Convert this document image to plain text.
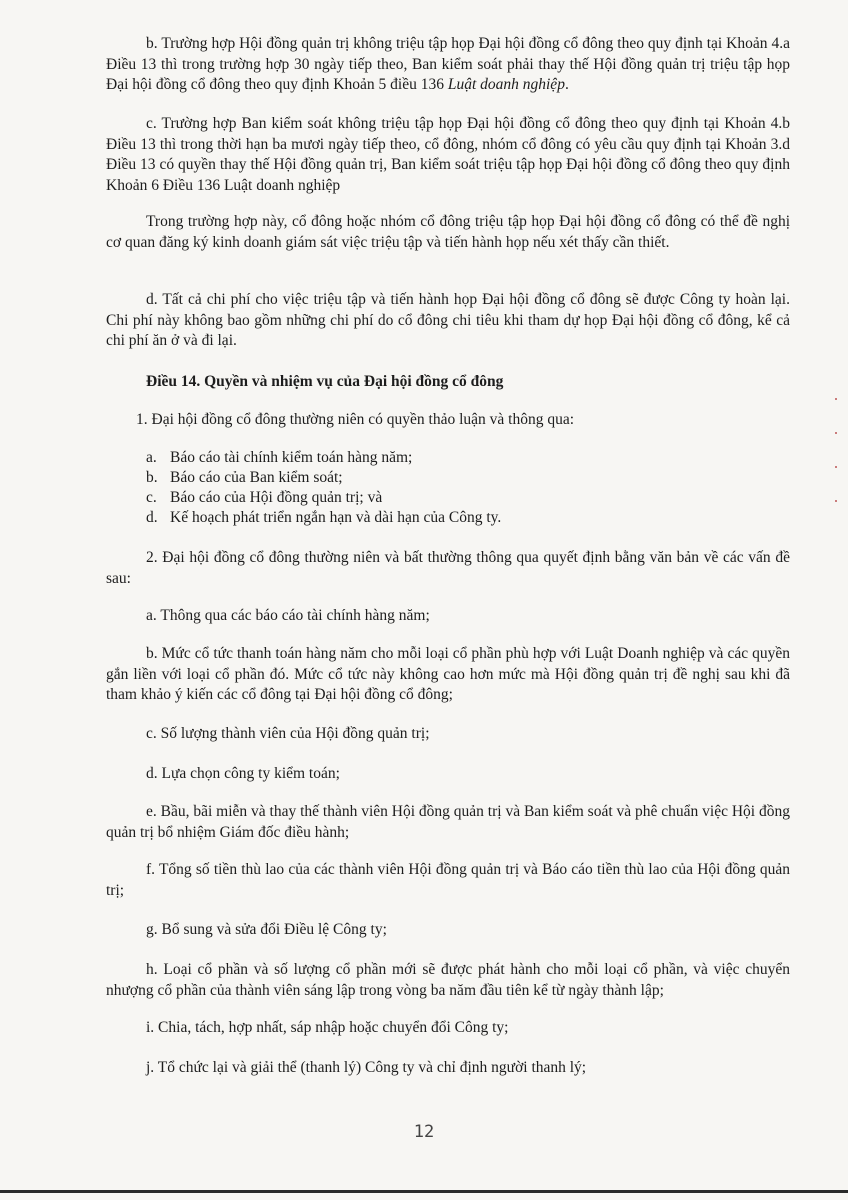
b. Trường hợp Hội đồng quản trị không triệu tập họp Đại hội đồng cổ đông theo quy định tại Khoản 4.a Điều 13 thì trong trường hợp 30 ngày tiếp theo, Ban kiểm soát phải thay thế Hội đồng quản trị triệu tập họp Đại hội đồng cổ đông theo quy định Khoản 5 điều 136 Luật doanh nghiệp.

c. Trường hợp Ban kiểm soát không triệu tập họp Đại hội đồng cổ đông theo quy định tại Khoản 4.b Điều 13 thì trong thời hạn ba mươi ngày tiếp theo, cổ đông, nhóm cổ đông có yêu cầu quy định tại Khoản 3.d Điều 13 có quyền thay thế Hội đồng quản trị, Ban kiểm soát triệu tập họp Đại hội đồng cổ đông theo quy định Khoản 6 Điều 136 Luật doanh nghiệp

Trong trường hợp này, cổ đông hoặc nhóm cổ đông triệu tập họp Đại hội đồng cổ đông có thể đề nghị cơ quan đăng ký kinh doanh giám sát việc triệu tập và tiến hành họp nếu xét thấy cần thiết.

d. Tất cả chi phí cho việc triệu tập và tiến hành họp Đại hội đồng cổ đông sẽ được Công ty hoàn lại. Chi phí này không bao gồm những chi phí do cổ đông chi tiêu khi tham dự họp Đại hội đồng cổ đông, kể cả chi phí ăn ở và đi lại.

Điều 14. Quyền và nhiệm vụ của Đại hội đồng cổ đông

1. Đại hội đồng cổ đông thường niên có quyền thảo luận và thông qua:

a. Báo cáo tài chính kiểm toán hàng năm;
b. Báo cáo của Ban kiểm soát;
c. Báo cáo của Hội đồng quản trị; và
d. Kế hoạch phát triển ngắn hạn và dài hạn của Công ty.

2. Đại hội đồng cổ đông thường niên và bất thường thông qua quyết định bằng văn bản về các vấn đề sau:

a. Thông qua các báo cáo tài chính hàng năm;

b. Mức cổ tức thanh toán hàng năm cho mỗi loại cổ phần phù hợp với Luật Doanh nghiệp và các quyền gắn liền với loại cổ phần đó. Mức cổ tức này không cao hơn mức mà Hội đồng quản trị đề nghị sau khi đã tham khảo ý kiến các cổ đông tại Đại hội đồng cổ đông;

c. Số lượng thành viên của Hội đồng quản trị;

d. Lựa chọn công ty kiểm toán;

e. Bầu, bãi miễn và thay thế thành viên Hội đồng quản trị và Ban kiểm soát và phê chuẩn việc Hội đồng quản trị bổ nhiệm Giám đốc điều hành;

f. Tổng số tiền thù lao của các thành viên Hội đồng quản trị và Báo cáo tiền thù lao của Hội đồng quản trị;

g. Bổ sung và sửa đổi Điều lệ Công ty;

h. Loại cổ phần và số lượng cổ phần mới sẽ được phát hành cho mỗi loại cổ phần, và việc chuyển nhượng cổ phần của thành viên sáng lập trong vòng ba năm đầu tiên kể từ ngày thành lập;

i. Chia, tách, hợp nhất, sáp nhập hoặc chuyển đổi Công ty;

j. Tổ chức lại và giải thể (thanh lý) Công ty và chỉ định người thanh lý;

12
